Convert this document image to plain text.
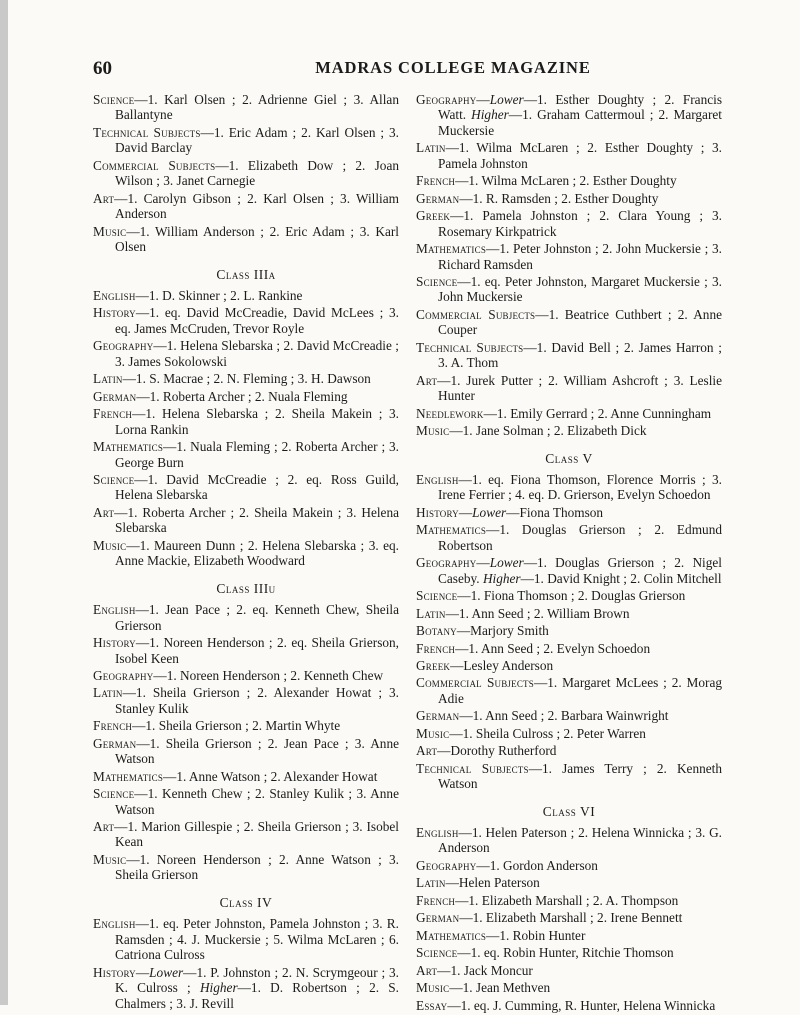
60	MADRAS COLLEGE MAGAZINE

Science—1. Karl Olsen ; 2. Adrienne Giel ; 3. Allan Ballantyne

Technical Subjects—1. Eric Adam ; 2. Karl Olsen ; 3. David Barclay

Commercial Subjects—1. Elizabeth Dow ; 2. Joan Wilson ; 3. Janet Carnegie

Art—1. Carolyn Gibson ; 2. Karl Olsen ; 3. William Anderson

Music—1. William Anderson ; 2. Eric Adam ; 3. Karl Olsen

Class IIIa

English—1. D. Skinner ; 2. L. Rankine

History—1. eq. David McCreadie, David McLees ; 3. eq. James McCruden, Trevor Royle

Geography—1. Helena Slebarska ; 2. David McCreadie ; 3. James Sokolowski

Latin—1. S. Macrae ; 2. N. Fleming ; 3. H. Dawson

German—1. Roberta Archer ; 2. Nuala Fleming

French—1. Helena Slebarska ; 2. Sheila Makein ; 3. Lorna Rankin

Mathematics—1. Nuala Fleming ; 2. Roberta Archer ; 3. George Burn

Science—1. David McCreadie ; 2. eq. Ross Guild, Helena Slebarska

Art—1. Roberta Archer ; 2. Sheila Makein ; 3. Helena Slebarska

Music—1. Maureen Dunn ; 2. Helena Slebarska ; 3. eq. Anne Mackie, Elizabeth Woodward

Class IIIu

English—1. Jean Pace ; 2. eq. Kenneth Chew, Sheila Grierson

History—1. Noreen Henderson ; 2. eq. Sheila Grierson, Isobel Keen

Geography—1. Noreen Henderson ; 2. Kenneth Chew

Latin—1. Sheila Grierson ; 2. Alexander Howat ; 3. Stanley Kulik

French—1. Sheila Grierson ; 2. Martin Whyte

German—1. Sheila Grierson ; 2. Jean Pace ; 3. Anne Watson

Mathematics—1. Anne Watson ; 2. Alexander Howat

Science—1. Kenneth Chew ; 2. Stanley Kulik ; 3. Anne Watson

Art—1. Marion Gillespie ; 2. Sheila Grierson ; 3. Isobel Kean

Music—1. Noreen Henderson ; 2. Anne Watson ; 3. Sheila Grierson

Class IV

English—1. eq. Peter Johnston, Pamela Johnston ; 3. R. Ramsden ; 4. J. Muckersie ; 5. Wilma McLaren ; 6. Catriona Culross

History—Lower—1. P. Johnston ; 2. N. Scrymgeour ; 3. K. Culross ; Higher—1. D. Robertson ; 2. S. Chalmers ; 3. J. Revill

Geography—Lower—1. Esther Doughty ; 2. Francis Watt. Higher—1. Graham Cattermoul ; 2. Margaret Muckersie

Latin—1. Wilma McLaren ; 2. Esther Doughty ; 3. Pamela Johnston

French—1. Wilma McLaren ; 2. Esther Doughty

German—1. R. Ramsden ; 2. Esther Doughty

Greek—1. Pamela Johnston ; 2. Clara Young ; 3. Rosemary Kirkpatrick

Mathematics—1. Peter Johnston ; 2. John Muckersie ; 3. Richard Ramsden

Science—1. eq. Peter Johnston, Margaret Muckersie ; 3. John Muckersie

Commercial Subjects—1. Beatrice Cuthbert ; 2. Anne Couper

Technical Subjects—1. David Bell ; 2. James Harron ; 3. A. Thom

Art—1. Jurek Putter ; 2. William Ashcroft ; 3. Leslie Hunter

Needlework—1. Emily Gerrard ; 2. Anne Cunningham

Music—1. Jane Solman ; 2. Elizabeth Dick

Class V

English—1. eq. Fiona Thomson, Florence Morris ; 3. Irene Ferrier ; 4. eq. D. Grierson, Evelyn Schoedon

History—Lower—Fiona Thomson

Mathematics—1. Douglas Grierson ; 2. Edmund Robertson

Geography—Lower—1. Douglas Grierson ; 2. Nigel Caseby. Higher—1. David Knight ; 2. Colin Mitchell

Science—1. Fiona Thomson ; 2. Douglas Grierson

Latin—1. Ann Seed ; 2. William Brown

Botany—Marjory Smith

French—1. Ann Seed ; 2. Evelyn Schoedon

Greek—Lesley Anderson

Commercial Subjects—1. Margaret McLees ; 2. Morag Adie

German—1. Ann Seed ; 2. Barbara Wainwright

Music—1. Sheila Culross ; 2. Peter Warren

Art—Dorothy Rutherford

Technical Subjects—1. James Terry ; 2. Kenneth Watson

Class VI

English—1. Helen Paterson ; 2. Helena Winnicka ; 3. G. Anderson

Geography—1. Gordon Anderson

Latin—Helen Paterson

French—1. Elizabeth Marshall ; 2. A. Thompson

German—1. Elizabeth Marshall ; 2. Irene Bennett

Mathematics—1. Robin Hunter

Science—1. eq. Robin Hunter, Ritchie Thomson

Art—1. Jack Moncur

Music—1. Jean Methven

Essay—1. eq. J. Cumming, R. Hunter, Helena Winnicka
